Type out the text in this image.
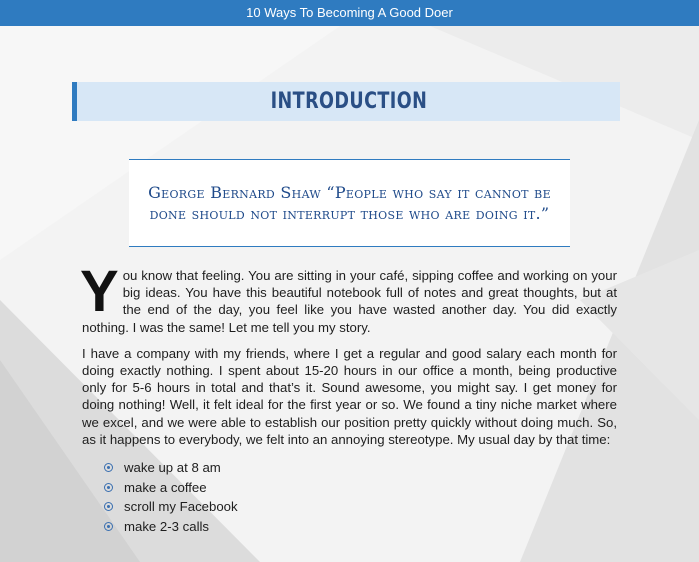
10 Ways To Becoming A Good Doer
INTRODUCTION
George Bernard Shaw “People who say it cannot be done should not interrupt those who are doing it.”

You know that feeling. You are sitting in your café, sipping coffee and working on your big ideas. You have this beautiful notebook full of notes and great thoughts, but at the end of the day, you feel like you have wasted another day. You did exactly nothing. I was the same! Let me tell you my story.

I have a company with my friends, where I get a regular and good salary each month for doing exactly nothing. I spent about 15-20 hours in our office a month, being productive only for 5-6 hours in total and that’s it. Sound awesome, you might say. I get money for doing nothing! Well, it felt ideal for the first year or so. We found a tiny niche market where we excel, and we were able to establish our position pretty quickly without doing much. So, as it happens to everybody, we felt into an annoying stereotype. My usual day by that time:

wake up at 8 am
make a coffee
scroll my Facebook
make 2-3 calls
